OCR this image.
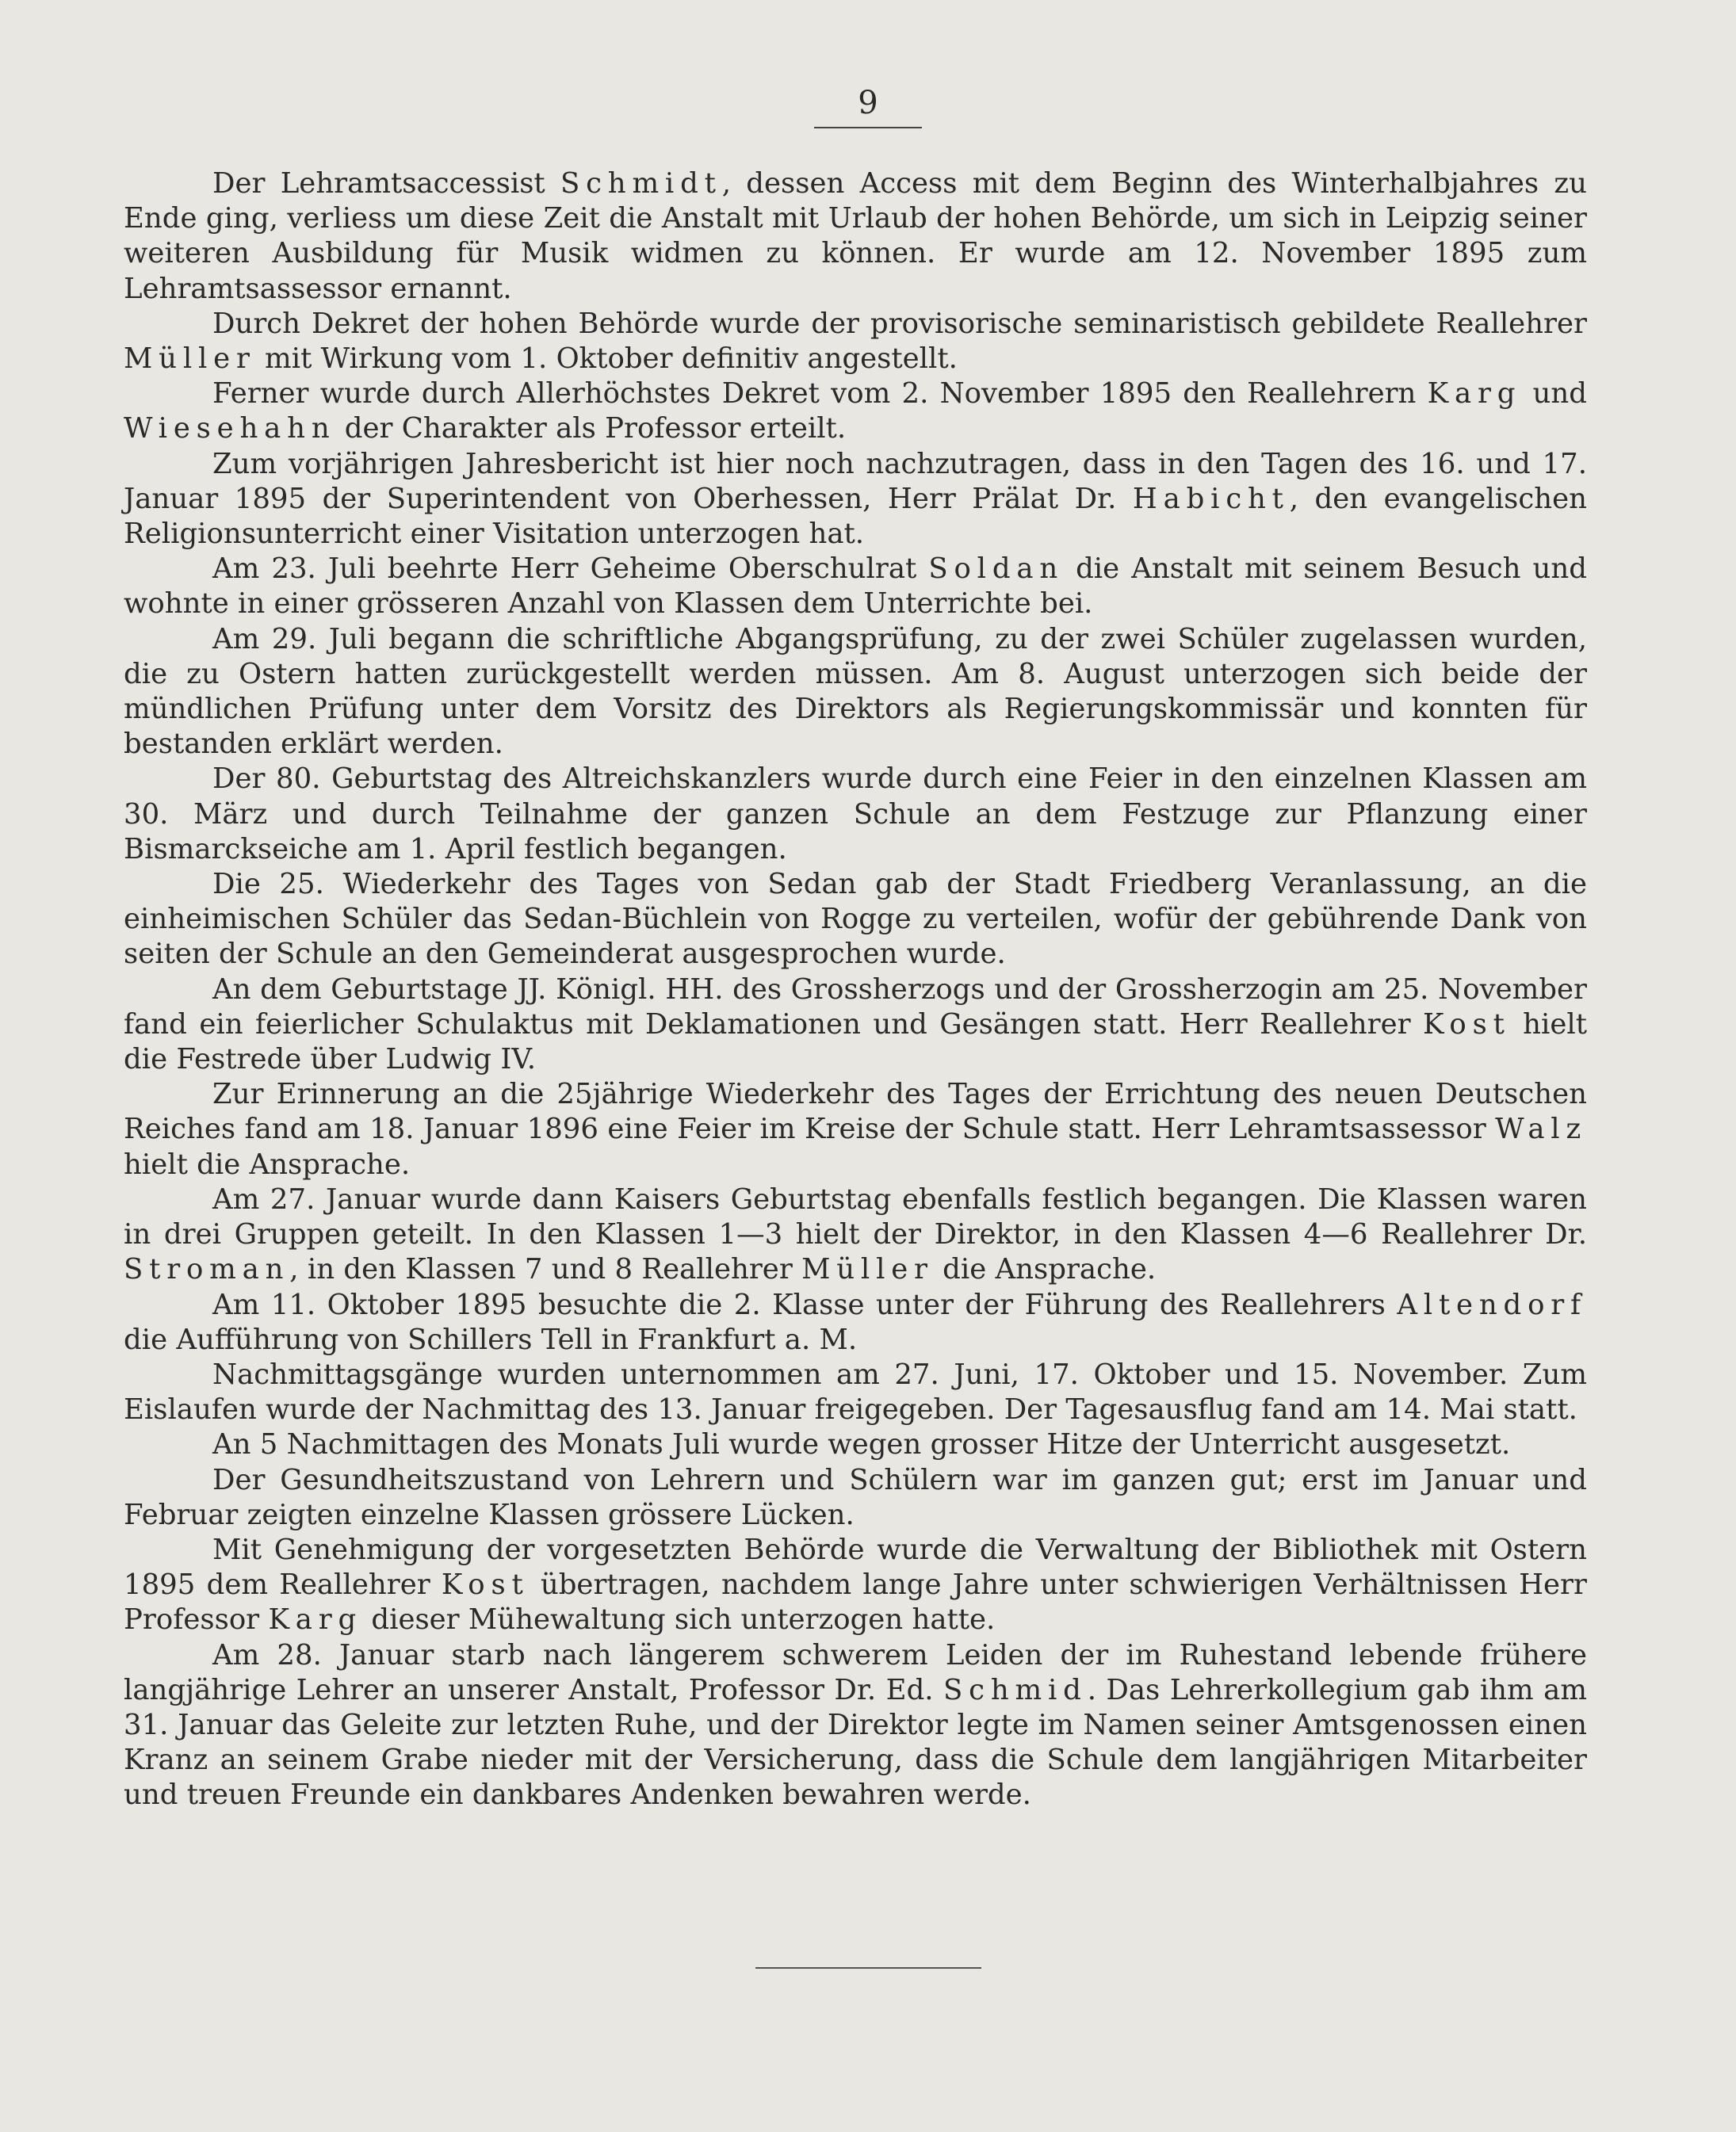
9

Der Lehramtsaccessist Schmidt, dessen Access mit dem Beginn des Winterhalbjahres zu Ende ging, verliess um diese Zeit die Anstalt mit Urlaub der hohen Behörde, um sich in Leipzig seiner weiteren Ausbildung für Musik widmen zu können. Er wurde am 12. November 1895 zum Lehramtsassessor ernannt.

Durch Dekret der hohen Behörde wurde der provisorische seminaristisch gebildete Reallehrer Müller mit Wirkung vom 1. Oktober definitiv angestellt.

Ferner wurde durch Allerhöchstes Dekret vom 2. November 1895 den Reallehrern Karg und Wiesehahn der Charakter als Professor erteilt.

Zum vorjährigen Jahresbericht ist hier noch nachzutragen, dass in den Tagen des 16. und 17. Januar 1895 der Superintendent von Oberhessen, Herr Prälat Dr. Habicht, den evangelischen Religionsunterricht einer Visitation unterzogen hat.

Am 23. Juli beehrte Herr Geheime Oberschulrat Soldan die Anstalt mit seinem Besuch und wohnte in einer grösseren Anzahl von Klassen dem Unterrichte bei.

Am 29. Juli begann die schriftliche Abgangsprüfung, zu der zwei Schüler zugelassen wurden, die zu Ostern hatten zurückgestellt werden müssen. Am 8. August unterzogen sich beide der mündlichen Prüfung unter dem Vorsitz des Direktors als Regierungskommissär und konnten für bestanden erklärt werden.

Der 80. Geburtstag des Altreichskanzlers wurde durch eine Feier in den einzelnen Klassen am 30. März und durch Teilnahme der ganzen Schule an dem Festzuge zur Pflanzung einer Bismarckseiche am 1. April festlich begangen.

Die 25. Wiederkehr des Tages von Sedan gab der Stadt Friedberg Veranlassung, an die einheimischen Schüler das Sedan-Büchlein von Rogge zu verteilen, wofür der gebührende Dank von seiten der Schule an den Gemeinderat ausgesprochen wurde.

An dem Geburtstage JJ. Königl. HH. des Grossherzogs und der Grossherzogin am 25. November fand ein feierlicher Schulaktus mit Deklamationen und Gesängen statt. Herr Reallehrer Kost hielt die Festrede über Ludwig IV.

Zur Erinnerung an die 25jährige Wiederkehr des Tages der Errichtung des neuen Deutschen Reiches fand am 18. Januar 1896 eine Feier im Kreise der Schule statt. Herr Lehramtsassessor Walz hielt die Ansprache.

Am 27. Januar wurde dann Kaisers Geburtstag ebenfalls festlich begangen. Die Klassen waren in drei Gruppen geteilt. In den Klassen 1—3 hielt der Direktor, in den Klassen 4—6 Reallehrer Dr. Stroman, in den Klassen 7 und 8 Reallehrer Müller die Ansprache.

Am 11. Oktober 1895 besuchte die 2. Klasse unter der Führung des Reallehrers Altendorf die Aufführung von Schillers Tell in Frankfurt a. M.

Nachmittagsgänge wurden unternommen am 27. Juni, 17. Oktober und 15. November. Zum Eislaufen wurde der Nachmittag des 13. Januar freigegeben. Der Tagesausflug fand am 14. Mai statt.

An 5 Nachmittagen des Monats Juli wurde wegen grosser Hitze der Unterricht ausgesetzt.

Der Gesundheitszustand von Lehrern und Schülern war im ganzen gut; erst im Januar und Februar zeigten einzelne Klassen grössere Lücken.

Mit Genehmigung der vorgesetzten Behörde wurde die Verwaltung der Bibliothek mit Ostern 1895 dem Reallehrer Kost übertragen, nachdem lange Jahre unter schwierigen Verhältnissen Herr Professor Karg dieser Mühewaltung sich unterzogen hatte.

Am 28. Januar starb nach längerem schwerem Leiden der im Ruhestand lebende frühere langjährige Lehrer an unserer Anstalt, Professor Dr. Ed. Schmid. Das Lehrerkollegium gab ihm am 31. Januar das Geleite zur letzten Ruhe, und der Direktor legte im Namen seiner Amtsgenossen einen Kranz an seinem Grabe nieder mit der Versicherung, dass die Schule dem langjährigen Mitarbeiter und treuen Freunde ein dankbares Andenken bewahren werde.
